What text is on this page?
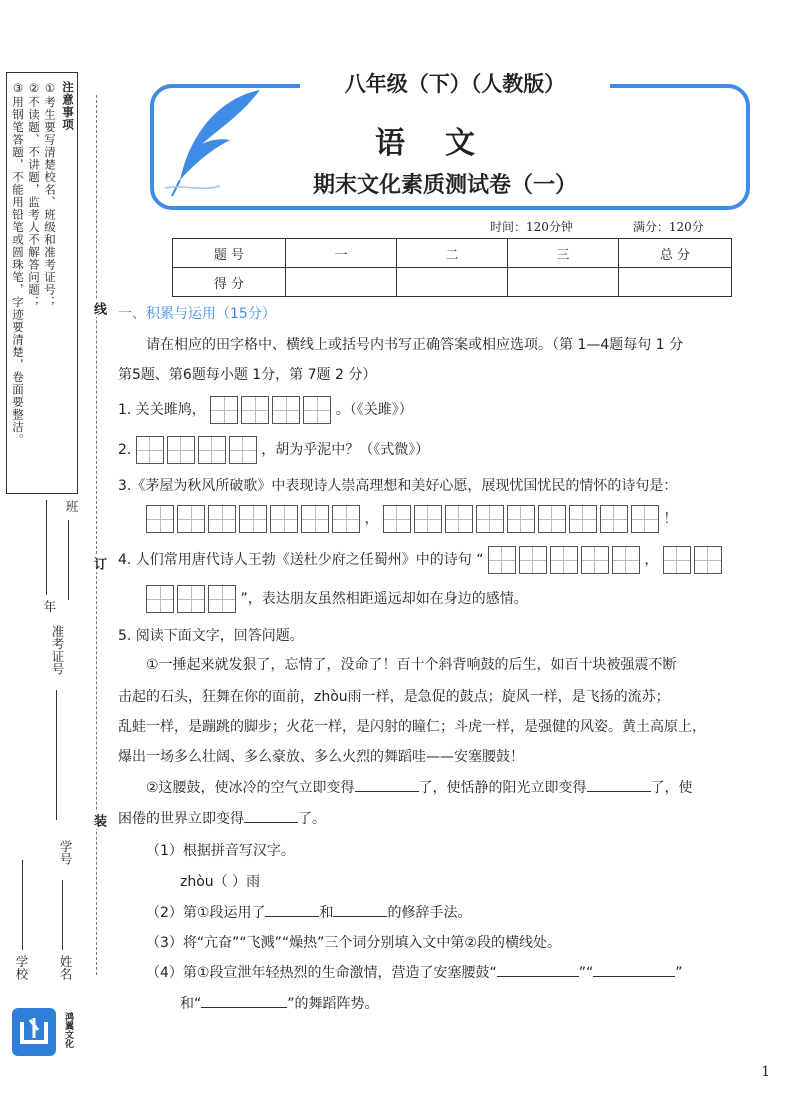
注意事项
①考生要写清楚校名、班级和准考证号；
②不读题、不讲题，监考人不解答问题；
③用钢笔答题，不能用铅笔或圆珠笔，字迹要清楚，卷面要整洁。	线
订
装
班
年
准考证号
学号
学校 姓名
鸿翼文化
八年级（下）（人教版）
语文
期末文化素质测试卷（一）
时间：120分钟	满分：120分
题 号	一	二	三	总 分
得 分				
一、积累与运用（15分）
请在相应的田字格中、横线上或括号内书写正确答案或相应选项。（第 1—4题每句 1 分
第5题、第6题每小题 1分，第 7题 2 分）
1. 关关雎鸠，	。（《关雎》）
2.	，胡为乎泥中？（《式微》）
3.《茅屋为秋风所破歌》中表现诗人崇高理想和美好心愿，展现忧国忧民的情怀的诗句是：
，	！
4. 人们常用唐代诗人王勃《送杜少府之任蜀州》中的诗句 “	，
”，表达朋友虽然相距遥远却如在身边的感情。
5. 阅读下面文字，回答问题。
①一捶起来就发狠了，忘情了，没命了！百十个斜背响鼓的后生，如百十块被强震不断
击起的石头，狂舞在你的面前，zhòu雨一样，是急促的鼓点；旋风一样，是飞扬的流苏；
乱蛙一样，是蹦跳的脚步；火花一样，是闪射的瞳仁；斗虎一样，是强健的风姿。黄土高原上，
爆出一场多么壮阔、多么豪放、多么火烈的舞蹈哇——安塞腰鼓！
②这腰鼓，使冰冷的空气立即变得	了，使恬静的阳光立即变得	了，使
困倦的世界立即变得	了。
（1）根据拼音写汉字。
zhòu（ ）雨
（2）第①段运用了	和	的修辞手法。
（3）将“亢奋”“飞溅”“燥热”三个词分别填入文中第②段的横线处。
（4）第①段宣泄年轻热烈的生命激情，营造了安塞腰鼓“	”“	”
和“	”的舞蹈阵势。
1
